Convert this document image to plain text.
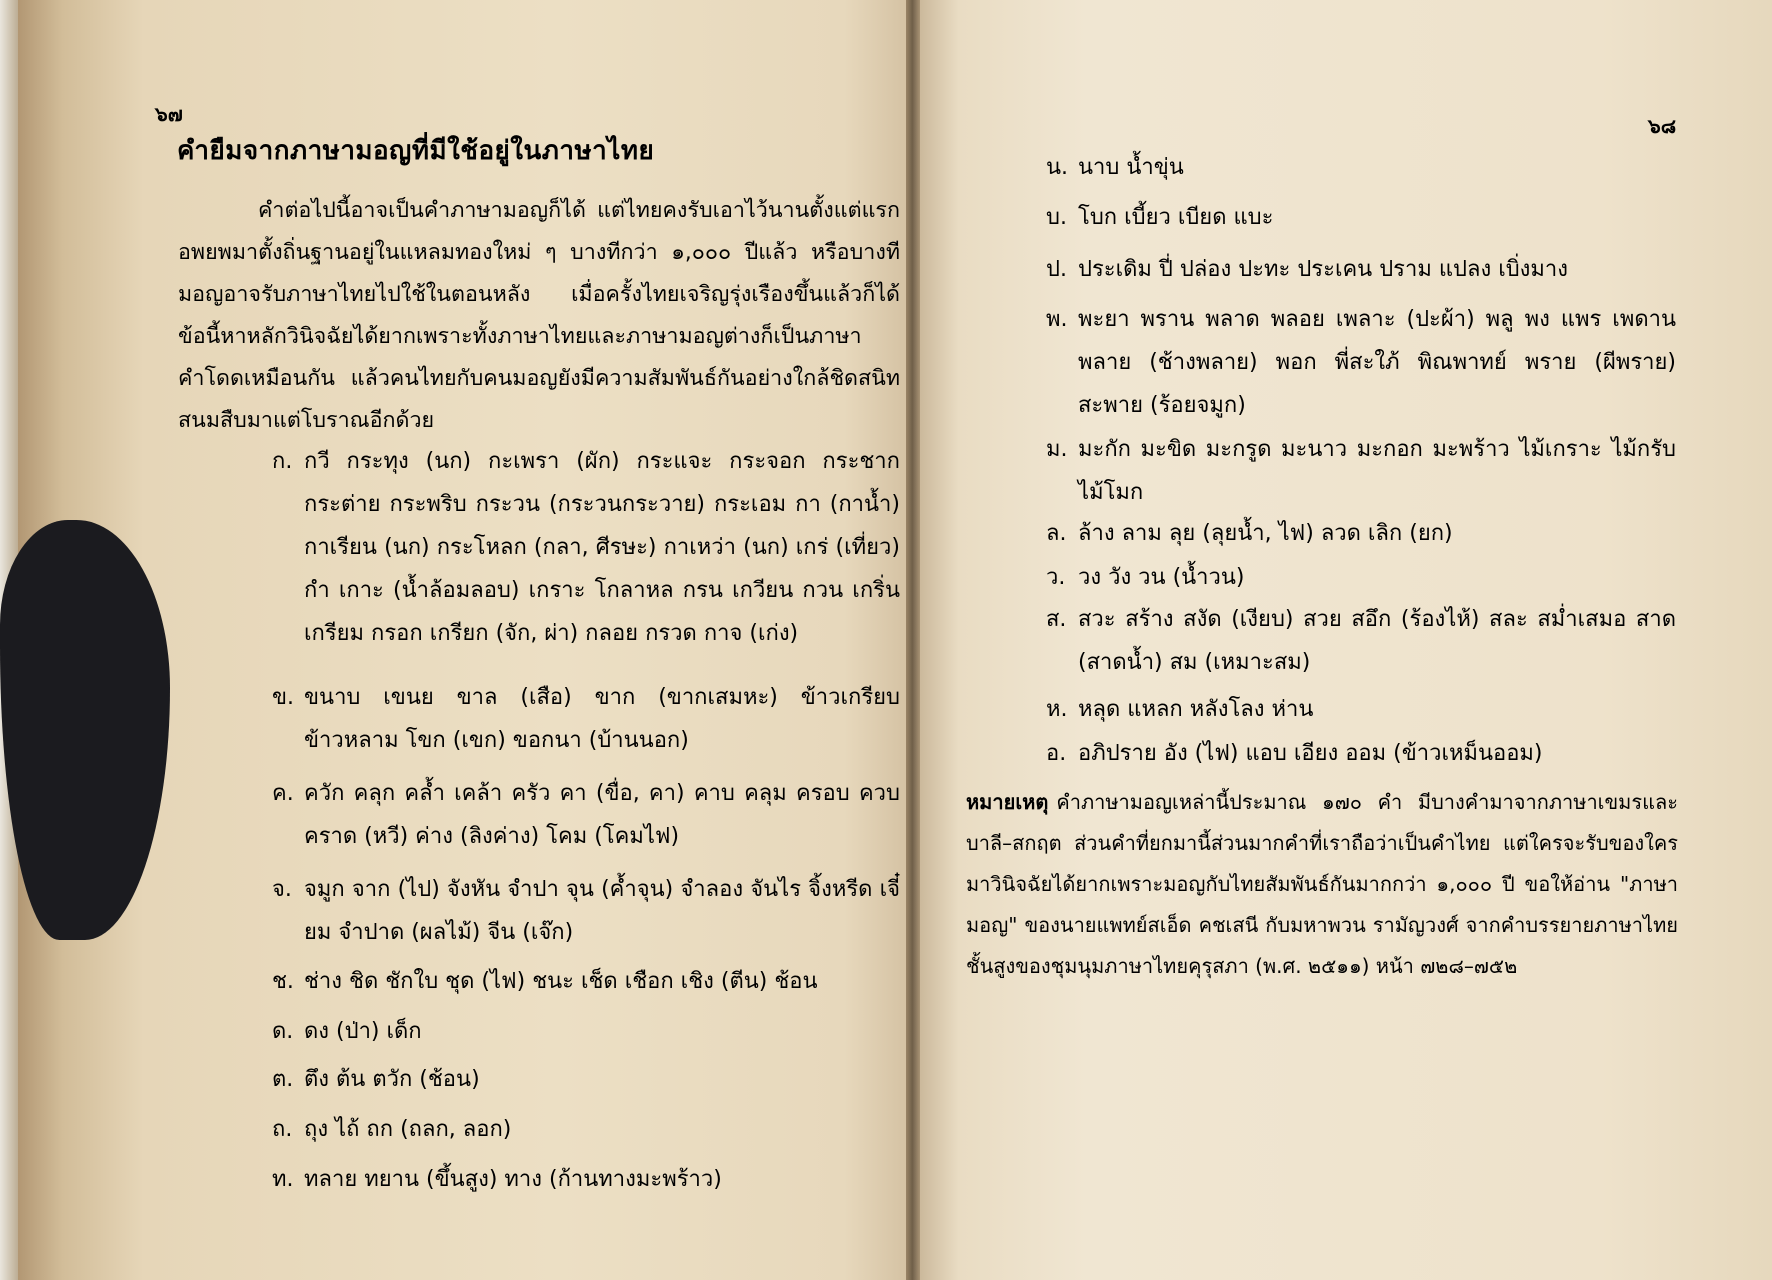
๖๗
คำยืมจากภาษามอญที่มีใช้อยู่ในภาษาไทย
คำต่อไปนี้อาจเป็นคำภาษามอญก็ได้ แต่ไทยคงรับเอาไว้นานตั้งแต่แรกอพยพมาตั้งถิ่นฐานอยู่ในแหลมทองใหม่ ๆ บางทีกว่า ๑,๐๐๐ ปีแล้ว หรือบางทีมอญอาจรับภาษาไทยไปใช้ในตอนหลัง เมื่อครั้งไทยเจริญรุ่งเรืองขึ้นแล้วก็ได้ ข้อนี้หาหลักวินิจฉัยได้ยากเพราะทั้งภาษาไทยและภาษามอญต่างก็เป็นภาษาคำโดดเหมือนกัน แล้วคนไทยกับคนมอญยังมีความสัมพันธ์กันอย่างใกล้ชิดสนิทสนมสืบมาแต่โบราณอีกด้วย
ก. กวี กระทุง (นก) กะเพรา (ผัก) กระแจะ กระจอก กระชาก กระต่าย กระพริบ กระวน (กระวนกระวาย) กระเอม กา (กาน้ำ) กาเรียน (นก) กระโหลก (กลา, ศีรษะ) กาเหว่า (นก) เกร่ (เที่ยว) กำ เกาะ (น้ำล้อมลอบ) เกราะ โกลาหล กรน เกวียน กวน เกริ่น เกรียม กรอก เกรียก (จัก, ผ่า) กลอย กรวด กาจ (เก่ง)
ข. ขนาบ เขนย ขาล (เสือ) ขาก (ขากเสมหะ) ข้าวเกรียบ ข้าวหลาม โขก (เขก) ขอกนา (บ้านนอก)
ค. ควัก คลุก คล้ำ เคล้า ครัว คา (ขื่อ, คา) คาบ คลุม ครอบ ควบ คราด (หวี) ค่าง (ลิงค่าง) โคม (โคมไฟ)
จ. จมูก จาก (ไป) จังหัน จำปา จุน (ค้ำจุน) จำลอง จันไร จิ้งหรีด เจี๋ยม จำปาด (ผลไม้) จีน (เจ๊ก)
ช. ช่าง ชิด ชักใบ ชุด (ไฟ) ชนะ เช็ด เชือก เชิง (ตีน) ช้อน
ด. ดง (ป่า) เด็ก
ต. ตึง ต้น ตวัก (ช้อน)
ถ. ถุง ไถ้ ถก (ถลก, ลอก)
ท. ทลาย ทยาน (ขึ้นสูง) ทาง (ก้านทางมะพร้าว)
๖๘
น. นาบ น้ำขุ่น
บ. โบก เบี้ยว เบียด แบะ
ป. ประเดิม ปี่ ปล่อง ปะทะ ประเคน ปราม แปลง เบิ่งมาง
พ. พะยา พราน พลาด พลอย เพลาะ (ปะผ้า) พลู พง แพร เพดาน พลาย (ช้างพลาย) พอก พี่สะใภ้ พิณพาทย์ พราย (ผีพราย) สะพาย (ร้อยจมูก)
ม. มะกัก มะขิด มะกรูด มะนาว มะกอก มะพร้าว ไม้เกราะ ไม้กรับ ไม้โมก
ล. ล้าง ลาม ลุย (ลุยน้ำ, ไฟ) ลวด เลิก (ยก)
ว. วง วัง วน (น้ำวน)
ส. สวะ สร้าง สงัด (เงียบ) สวย สอึก (ร้องไห้) สละ สม่ำเสมอ สาด (สาดน้ำ) สม (เหมาะสม)
ห. หลุด แหลก หลังโลง ห่าน
อ. อภิปราย อัง (ไฟ) แอบ เอียง ออม (ข้าวเหม็นออม)
หมายเหตุ คำภาษามอญเหล่านี้ประมาณ ๑๗๐ คำ มีบางคำมาจากภาษาเขมรและบาลี–สกฤต ส่วนคำที่ยกมานี้ส่วนมากคำที่เราถือว่าเป็นคำไทย แต่ใครจะรับของใครมาวินิจฉัยได้ยากเพราะมอญกับไทยสัมพันธ์กันมากกว่า ๑,๐๐๐ ปี ขอให้อ่าน "ภาษามอญ" ของนายแพทย์สเอ็ด คชเสนี กับมหาพวน รามัญวงศ์ จากคำบรรยายภาษาไทยชั้นสูงของชุมนุมภาษาไทยคุรุสภา (พ.ศ. ๒๕๑๑) หน้า ๗๒๘–๗๕๒
